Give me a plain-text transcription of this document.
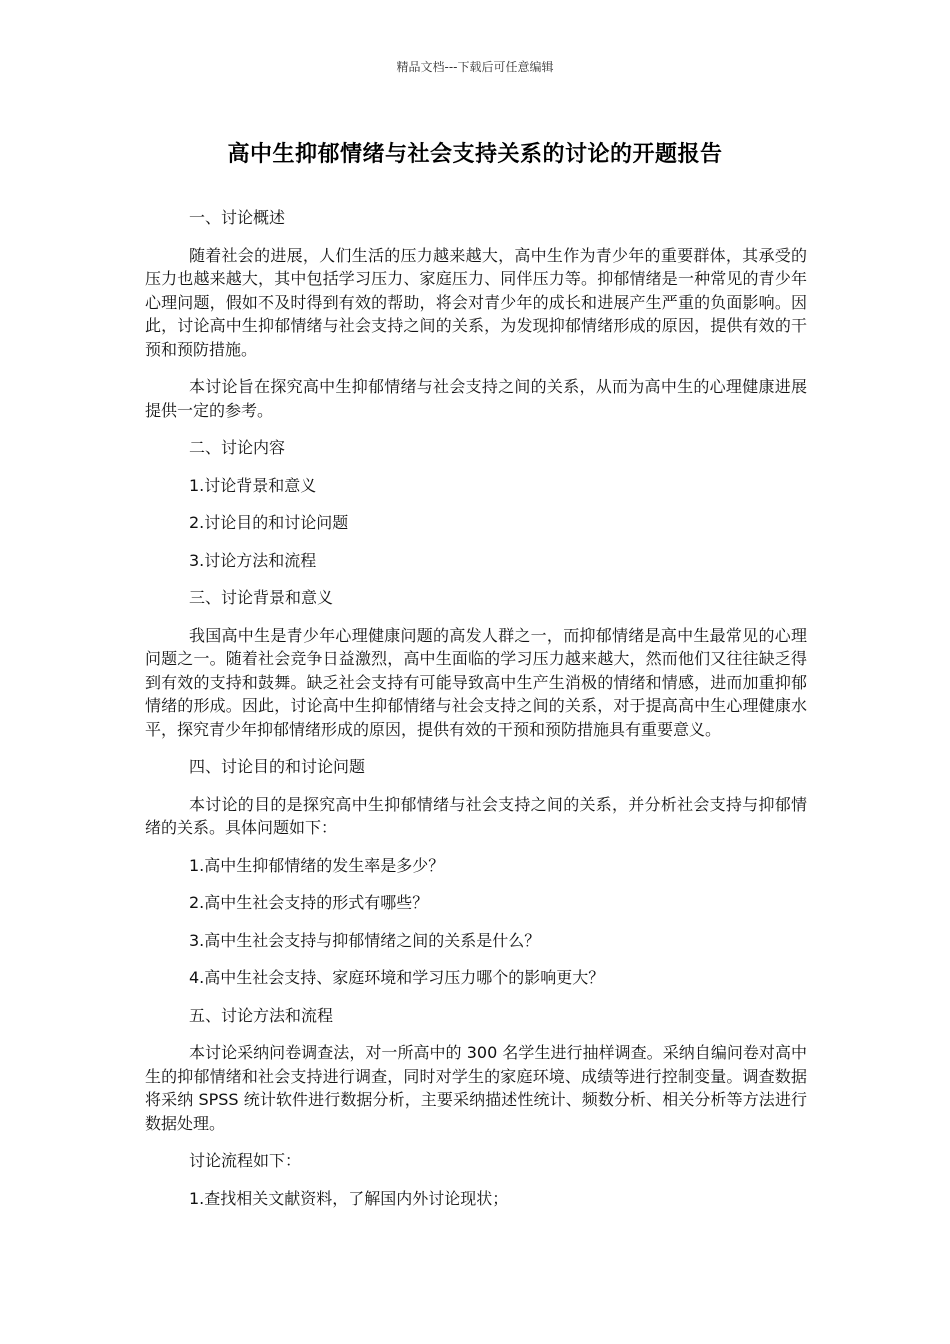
精品文档---下载后可任意编辑
高中生抑郁情绪与社会支持关系的讨论的开题报告
一、讨论概述
随着社会的进展，人们生活的压力越来越大，高中生作为青少年的重要群体，其承受的压力也越来越大，其中包括学习压力、家庭压力、同伴压力等。抑郁情绪是一种常见的青少年心理问题，假如不及时得到有效的帮助，将会对青少年的成长和进展产生严重的负面影响。因此，讨论高中生抑郁情绪与社会支持之间的关系，为发现抑郁情绪形成的原因，提供有效的干预和预防措施。
本讨论旨在探究高中生抑郁情绪与社会支持之间的关系，从而为高中生的心理健康进展提供一定的参考。
二、讨论内容
1.讨论背景和意义
2.讨论目的和讨论问题
3.讨论方法和流程
三、讨论背景和意义
我国高中生是青少年心理健康问题的高发人群之一，而抑郁情绪是高中生最常见的心理问题之一。随着社会竞争日益激烈，高中生面临的学习压力越来越大，然而他们又往往缺乏得到有效的支持和鼓舞。缺乏社会支持有可能导致高中生产生消极的情绪和情感，进而加重抑郁情绪的形成。因此，讨论高中生抑郁情绪与社会支持之间的关系，对于提高高中生心理健康水平，探究青少年抑郁情绪形成的原因，提供有效的干预和预防措施具有重要意义。
四、讨论目的和讨论问题
本讨论的目的是探究高中生抑郁情绪与社会支持之间的关系，并分析社会支持与抑郁情绪的关系。具体问题如下：
1.高中生抑郁情绪的发生率是多少？
2.高中生社会支持的形式有哪些？
3.高中生社会支持与抑郁情绪之间的关系是什么？
4.高中生社会支持、家庭环境和学习压力哪个的影响更大？
五、讨论方法和流程
本讨论采纳问卷调查法，对一所高中的 300 名学生进行抽样调查。采纳自编问卷对高中生的抑郁情绪和社会支持进行调查，同时对学生的家庭环境、成绩等进行控制变量。调查数据将采纳 SPSS 统计软件进行数据分析，主要采纳描述性统计、频数分析、相关分析等方法进行数据处理。
讨论流程如下：
1.查找相关文献资料，了解国内外讨论现状；
